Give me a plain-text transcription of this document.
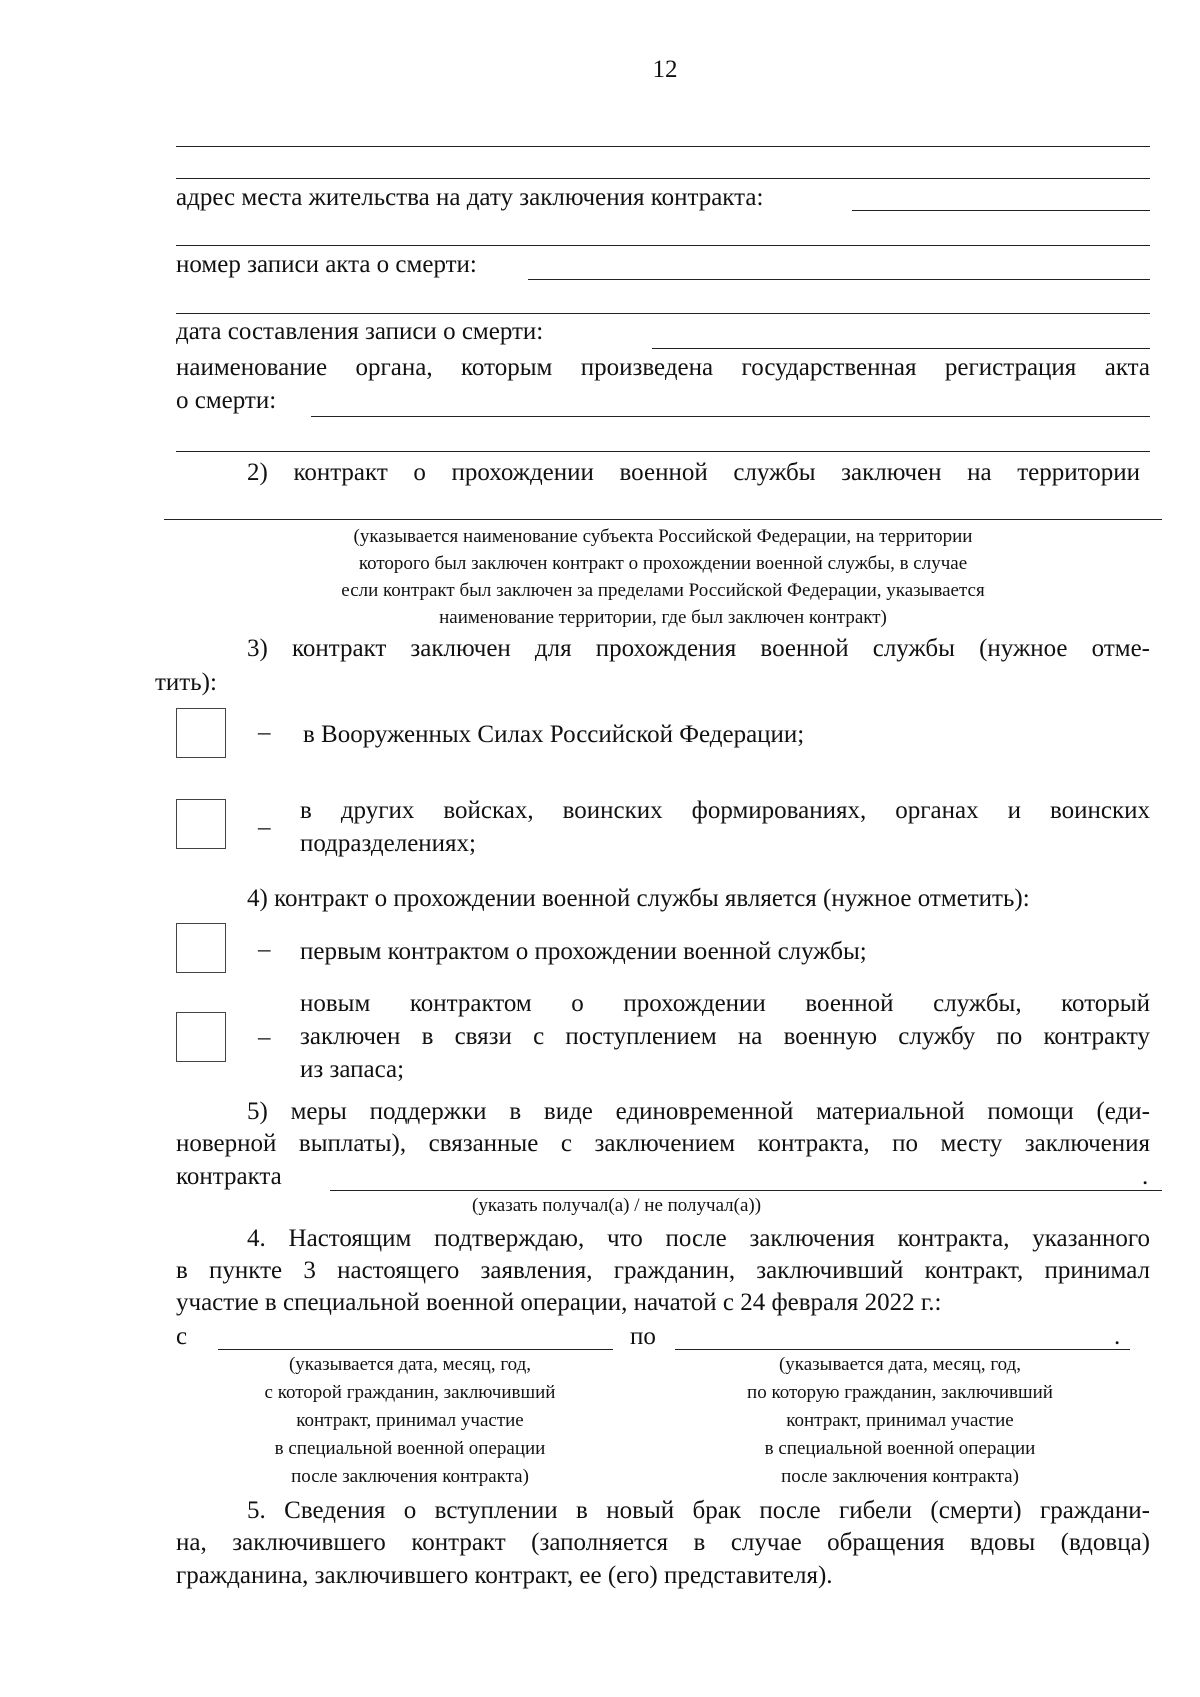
12
адрес места жительства на дату заключения контракта:
номер записи акта о смерти:
дата составления записи о смерти:
наименование органа, которым произведена государственная регистрация акта
о смерти:
2) контракт о прохождении военной службы заключен на территории
(указывается наименование субъекта Российской Федерации, на территории
которого был заключен контракт о прохождении военной службы, в случае
если контракт был заключен за пределами Российской Федерации, указывается
наименование территории, где был заключен контракт)
3) контракт заключен для прохождения военной службы (нужное отме-
тить):
– в Вооруженных Силах Российской Федерации;
_ в других войсках, воинских формированиях, органах и воинских
подразделениях;
4) контракт о прохождении военной службы является (нужное отметить):
– первым контрактом о прохождении военной службы;
–
новым контрактом о прохождении военной службы, который
заключен в связи с поступлением на военную службу по контракту
из запаса;
5) меры поддержки в виде единовременной материальной помощи (еди-
новерной выплаты), связанные с заключением контракта, по месту заключения
контракта	.
(указать получал(а) / не получал(а))
4. Настоящим подтверждаю, что после заключения контракта, указанного
в пункте 3 настоящего заявления, гражданин, заключивший контракт, принимал
участие в специальной военной операции, начатой с 24 февраля 2022 г.:
с	по	.
(указывается дата, месяц, год,
с которой гражданин, заключивший
контракт, принимал участие
в специальной военной операции
после заключения контракта)
(указывается дата, месяц, год,
по которую гражданин, заключивший
контракт, принимал участие
в специальной военной операции
после заключения контракта)
5. Сведения о вступлении в новый брак после гибели (смерти) граждани-
на, заключившего контракт (заполняется в случае обращения вдовы (вдовца)
гражданина, заключившего контракт, ее (его) представителя).
